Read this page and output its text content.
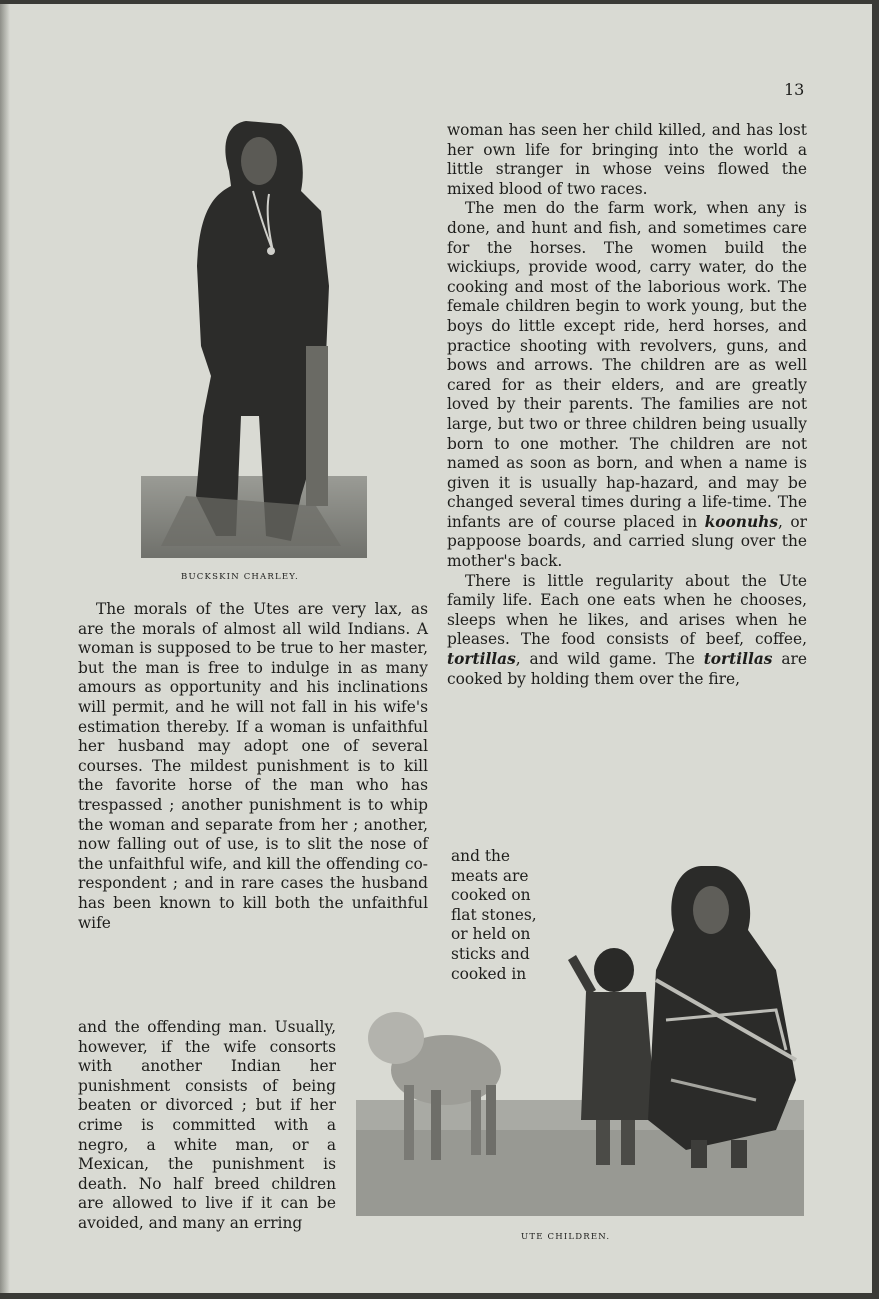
13
BUCKSKIN CHARLEY.

woman has seen her child killed, and has lost her own life for bringing into the world a little stranger in whose veins flowed the mixed blood of two races.

The men do the farm work, when any is done, and hunt and fish, and sometimes care for the horses. The women build the wickiups, provide wood, carry water, do the cooking and most of the laborious work. The female children begin to work young, but the boys do little except ride, herd horses, and practice shooting with revolvers, guns, and bows and arrows. The children are as well cared for as their elders, and are greatly loved by their parents. The families are not large, but two or three children being usually born to one mother. The children are not named as soon as born, and when a name is given it is usually hap-hazard, and may be changed several times during a life-time. The infants are of course placed in koonuhs, or pappoose boards, and carried slung over the mother's back.

There is little regularity about the Ute family life. Each one eats when he chooses, sleeps when he likes, and arises when he pleases. The food consists of beef, coffee, tortillas, and wild game. The tortillas are cooked by holding them over the fire,

and the meats are cooked on flat stones, or held on sticks and cooked in

The morals of the Utes are very lax, as are the morals of almost all wild Indians. A woman is supposed to be true to her master, but the man is free to indulge in as many amours as opportunity and his inclinations will permit, and he will not fall in his wife's estimation thereby. If a woman is unfaithful her husband may adopt one of several courses. The mildest punishment is to kill the favorite horse of the man who has trespassed ; another punishment is to whip the woman and separate from her ; another, now falling out of use, is to slit the nose of the unfaithful wife, and kill the offending co-respondent ; and in rare cases the husband has been known to kill both the unfaithful wife

and the offending man. Usually, however, if the wife consorts with another Indian her punishment consists of being beaten or divorced ; but if her crime is committed with a negro, a white man, or a Mexican, the punishment is death. No half breed children are allowed to live if it can be avoided, and many an erring
UTE CHILDREN.
